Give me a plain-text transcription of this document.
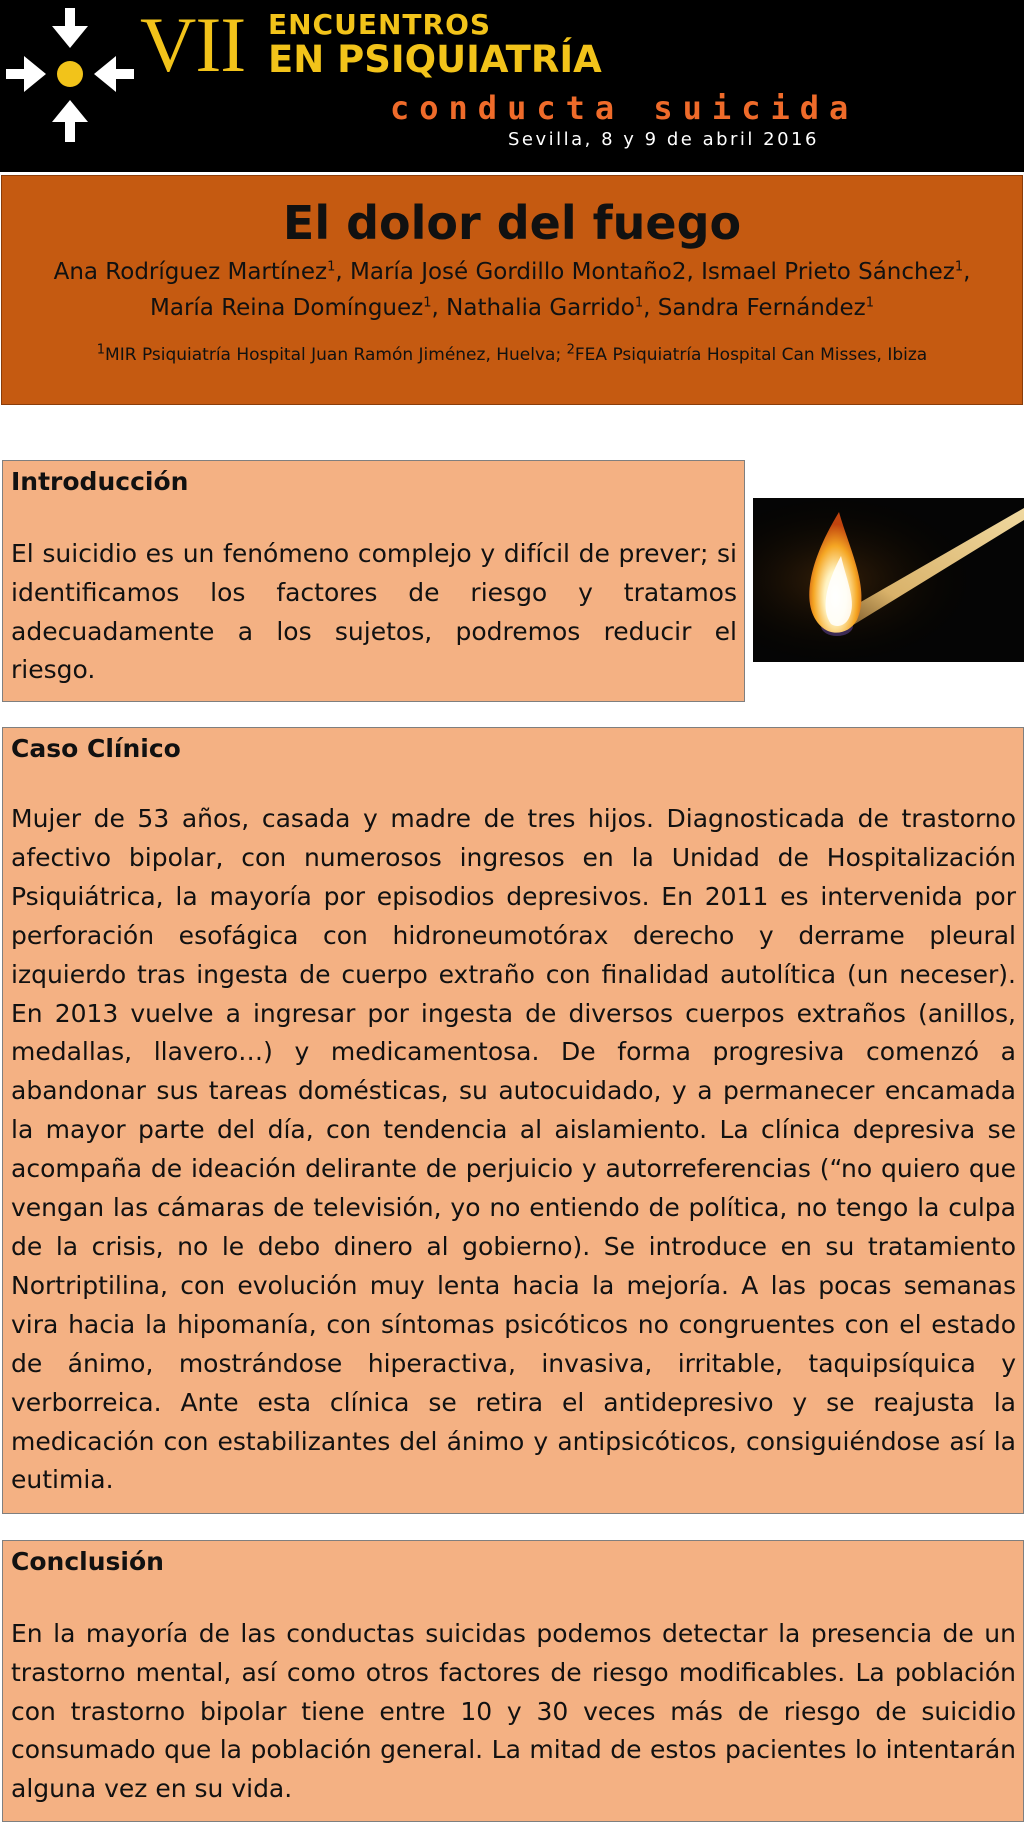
VII ENCUENTROS
EN PSIQUIATRÍA
conducta suicida
Sevilla, 8 y 9 de abril 2016
El dolor del fuego
Ana Rodríguez Martínez$^1$, María José Gordillo Montaño2, Ismael Prieto Sánchez$^1$, María Reina Domínguez$^1$, Nathalia Garrido$^1$, Sandra Fernández$^1$
$^1$MIR Psiquiatría Hospital Juan Ramón Jiménez, Huelva; $^2$FEA Psiquiatría Hospital Can Misses, Ibiza
Introducción

El suicidio es un fenómeno complejo y difícil de prever; si identificamos los factores de riesgo y tratamos adecuadamente a los sujetos, podremos reducir el riesgo.

Caso Clínico

Mujer de 53 años, casada y madre de tres hijos. Diagnosticada de trastorno afectivo bipolar, con numerosos ingresos en la Unidad de Hospitalización Psiquiátrica, la mayoría por episodios depresivos. En 2011 es intervenida por perforación esofágica con hidroneumotórax derecho y derrame pleural izquierdo tras ingesta de cuerpo extraño con finalidad autolítica (un neceser). En 2013 vuelve a ingresar por ingesta de diversos cuerpos extraños (anillos, medallas, llavero…) y medicamentosa. De forma progresiva comenzó a abandonar sus tareas domésticas, su autocuidado, y a permanecer encamada la mayor parte del día, con tendencia al aislamiento. La clínica depresiva se acompaña de ideación delirante de perjuicio y autorreferencias (“no quiero que vengan las cámaras de televisión, yo no entiendo de política, no tengo la culpa de la crisis, no le debo dinero al gobierno). Se introduce en su tratamiento Nortriptilina, con evolución muy lenta hacia la mejoría. A las pocas semanas vira hacia la hipomanía, con síntomas psicóticos no congruentes con el estado de ánimo, mostrándose hiperactiva, invasiva, irritable, taquipsíquica y verborreica. Ante esta clínica se retira el antidepresivo y se reajusta la medicación con estabilizantes del ánimo y antipsicóticos, consiguiéndose así la eutimia.

Conclusión

En la mayoría de las conductas suicidas podemos detectar la presencia de un trastorno mental, así como otros factores de riesgo modificables. La población con trastorno bipolar tiene entre 10 y 30 veces más de riesgo de suicidio consumado que la población general. La mitad de estos pacientes lo intentarán alguna vez en su vida.
